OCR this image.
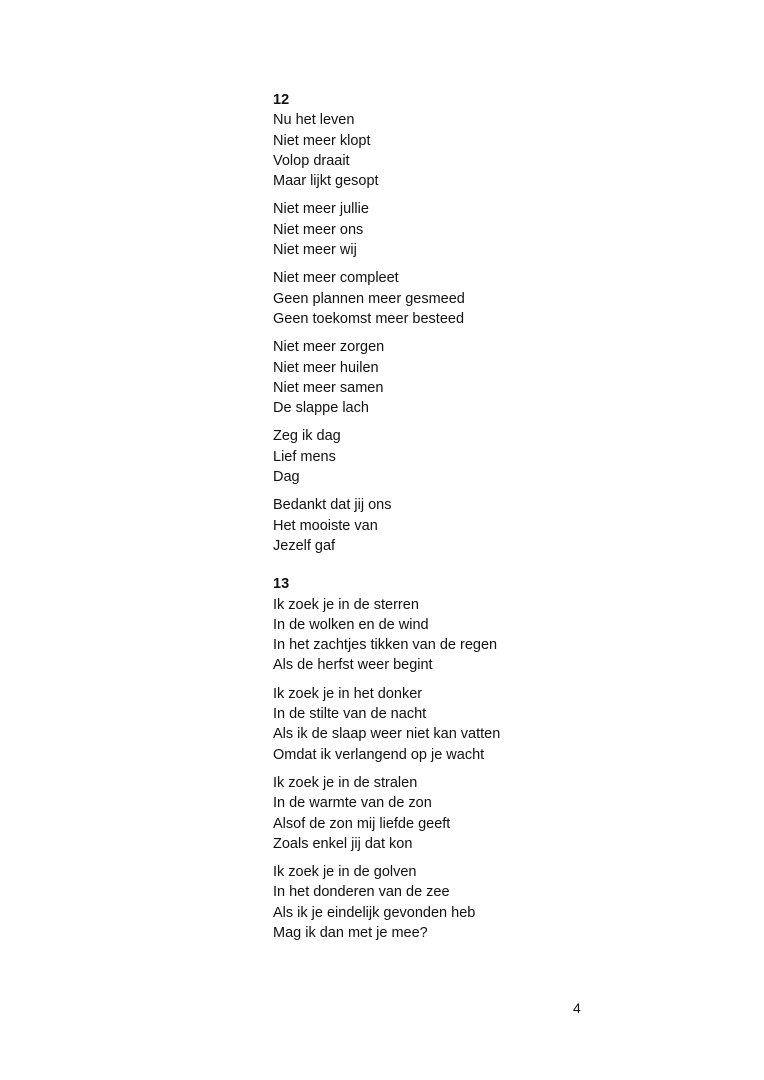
12
Nu het leven
Niet meer klopt
Volop draait
Maar lijkt gesopt
Niet meer jullie
Niet meer ons
Niet meer wij
Niet meer compleet
Geen plannen meer gesmeed
Geen toekomst meer besteed
Niet meer zorgen
Niet meer huilen
Niet meer samen
De slappe lach
Zeg ik dag
Lief mens
Dag
Bedankt dat jij ons
Het mooiste van
Jezelf gaf
13
Ik zoek je in de sterren
In de wolken en de wind
In het zachtjes tikken van de regen
Als de herfst weer begint
Ik zoek je in het donker
In de stilte van de nacht
Als ik de slaap weer niet kan vatten
Omdat ik verlangend op je wacht
Ik zoek je in de stralen
In de warmte van de zon
Alsof de zon mij liefde geeft
Zoals enkel jij dat kon
Ik zoek je in de golven
In het donderen van de zee
Als ik je eindelijk gevonden heb
Mag ik dan met je mee?
4
